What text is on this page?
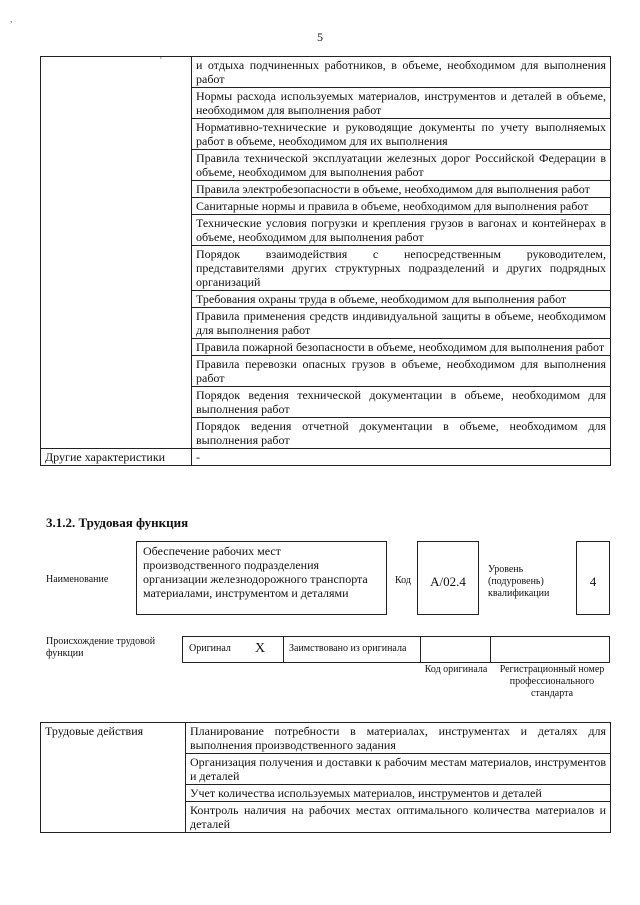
,
'
5
	и отдыха подчиненных работников, в объеме, необходимом для выполнения работ
	Нормы расхода используемых материалов, инструментов и деталей в объеме, необходимом для выполнения работ
	Нормативно-технические и руководящие документы по учету выполняемых работ в объеме, необходимом для их выполнения
	Правила технической эксплуатации железных дорог Российской Федерации в объеме, необходимом для выполнения работ
	Правила электробезопасности в объеме, необходимом для выполнения работ
	Санитарные нормы и правила в объеме, необходимом для выполнения работ
	Технические условия погрузки и крепления грузов в вагонах и контейнерах в объеме, необходимом для выполнения работ
	Порядок взаимодействия с непосредственным руководителем, представителями других структурных подразделений и других подрядных организаций
	Требования охраны труда в объеме, необходимом для выполнения работ
	Правила применения средств индивидуальной защиты в объеме, необходимом для выполнения работ
	Правила пожарной безопасности в объеме, необходимом для выполнения работ
	Правила перевозки опасных грузов в объеме, необходимом для выполнения работ
	Порядок ведения технической документации в объеме, необходимом для выполнения работ
	Порядок ведения отчетной документации в объеме, необходимом для выполнения работ
Другие характеристики	-
3.1.2. Трудовая функция
Наименование
Обеспечение рабочих мест производственного подразделения организации железнодорожного транспорта материалами, инструментом и деталями
Код	A/02.4
Уровень (подуровень) квалификации
4
Происхождение трудовой функции	Оригинал X	Заимствовано из оригинала
Код оригинала	Регистрационный номер профессионального стандарта
Трудовые действия	Планирование потребности в материалах, инструментах и деталях для выполнения производственного задания
Организация получения и доставки к рабочим местам материалов, инструментов и деталей
Учет количества используемых материалов, инструментов и деталей
Контроль наличия на рабочих местах оптимального количества материалов и деталей
